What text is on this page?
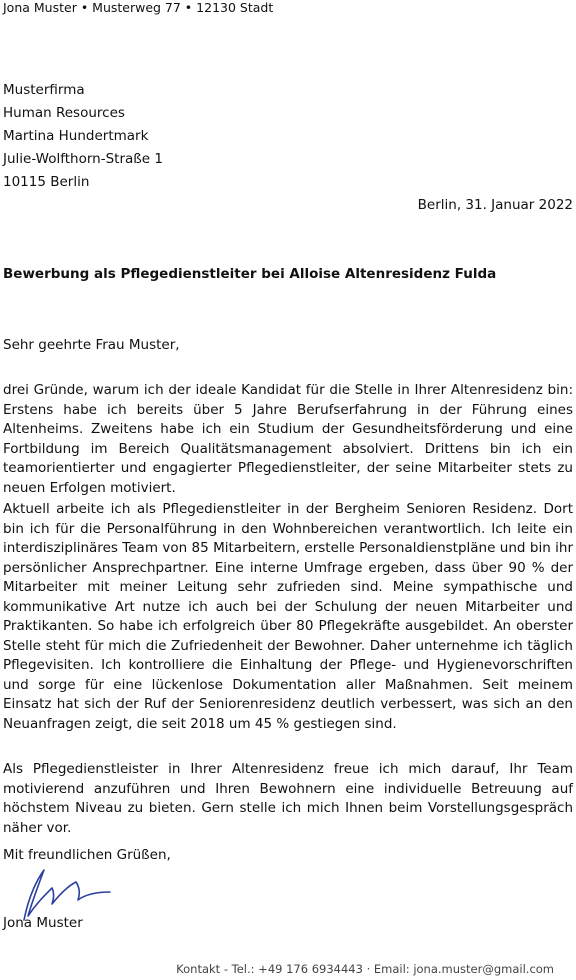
Jona Muster • Musterweg 77 • 12130 Stadt
Musterfirma
Human Resources
Martina Hundertmark
Julie-Wolfthorn-Straße 1
10115 Berlin
Berlin, 31. Januar 2022
Bewerbung als Pflegedienstleiter bei Alloise Altenresidenz Fulda
Sehr geehrte Frau Muster,

drei Gründe, warum ich der ideale Kandidat für die Stelle in Ihrer Altenresidenz bin: Erstens habe ich bereits über 5 Jahre Berufserfahrung in der Führung eines Altenheims. Zweitens habe ich ein Studium der Gesundheitsförderung und eine Fortbildung im Bereich Qualitätsmanagement absolviert. Drittens bin ich ein teamorientierter und engagierter Pflegedienstleiter, der seine Mitarbeiter stets zu neuen Erfolgen motiviert.

Aktuell arbeite ich als Pflegedienstleiter in der Bergheim Senioren Residenz. Dort bin ich für die Personalführung in den Wohnbereichen verantwortlich. Ich leite ein interdisziplinäres Team von 85 Mitarbeitern, erstelle Personaldienstpläne und bin ihr persönlicher Ansprechpartner. Eine interne Umfrage ergeben, dass über 90 % der Mitarbeiter mit meiner Leitung sehr zufrieden sind. Meine sympathische und kommunikative Art nutze ich auch bei der Schulung der neuen Mitarbeiter und Praktikanten. So habe ich erfolgreich über 80 Pflegekräfte ausgebildet. An oberster Stelle steht für mich die Zufriedenheit der Bewohner. Daher unternehme ich täglich Pflegevisiten. Ich kontrolliere die Einhaltung der Pflege- und Hygienevorschriften und sorge für eine lückenlose Dokumentation aller Maßnahmen. Seit meinem Einsatz hat sich der Ruf der Seniorenresidenz deutlich verbessert, was sich an den Neuanfragen zeigt, die seit 2018 um 45 % gestiegen sind.

Als Pflegedienstleister in Ihrer Altenresidenz freue ich mich darauf, Ihr Team motivierend anzuführen und Ihren Bewohnern eine individuelle Betreuung auf höchstem Niveau zu bieten. Gern stelle ich mich Ihnen beim Vorstellungsgespräch näher vor.

Mit freundlichen Grüßen,
Jona Muster
Kontakt - Tel.: +49 176 6934443 · Email: jona.muster@gmail.com
